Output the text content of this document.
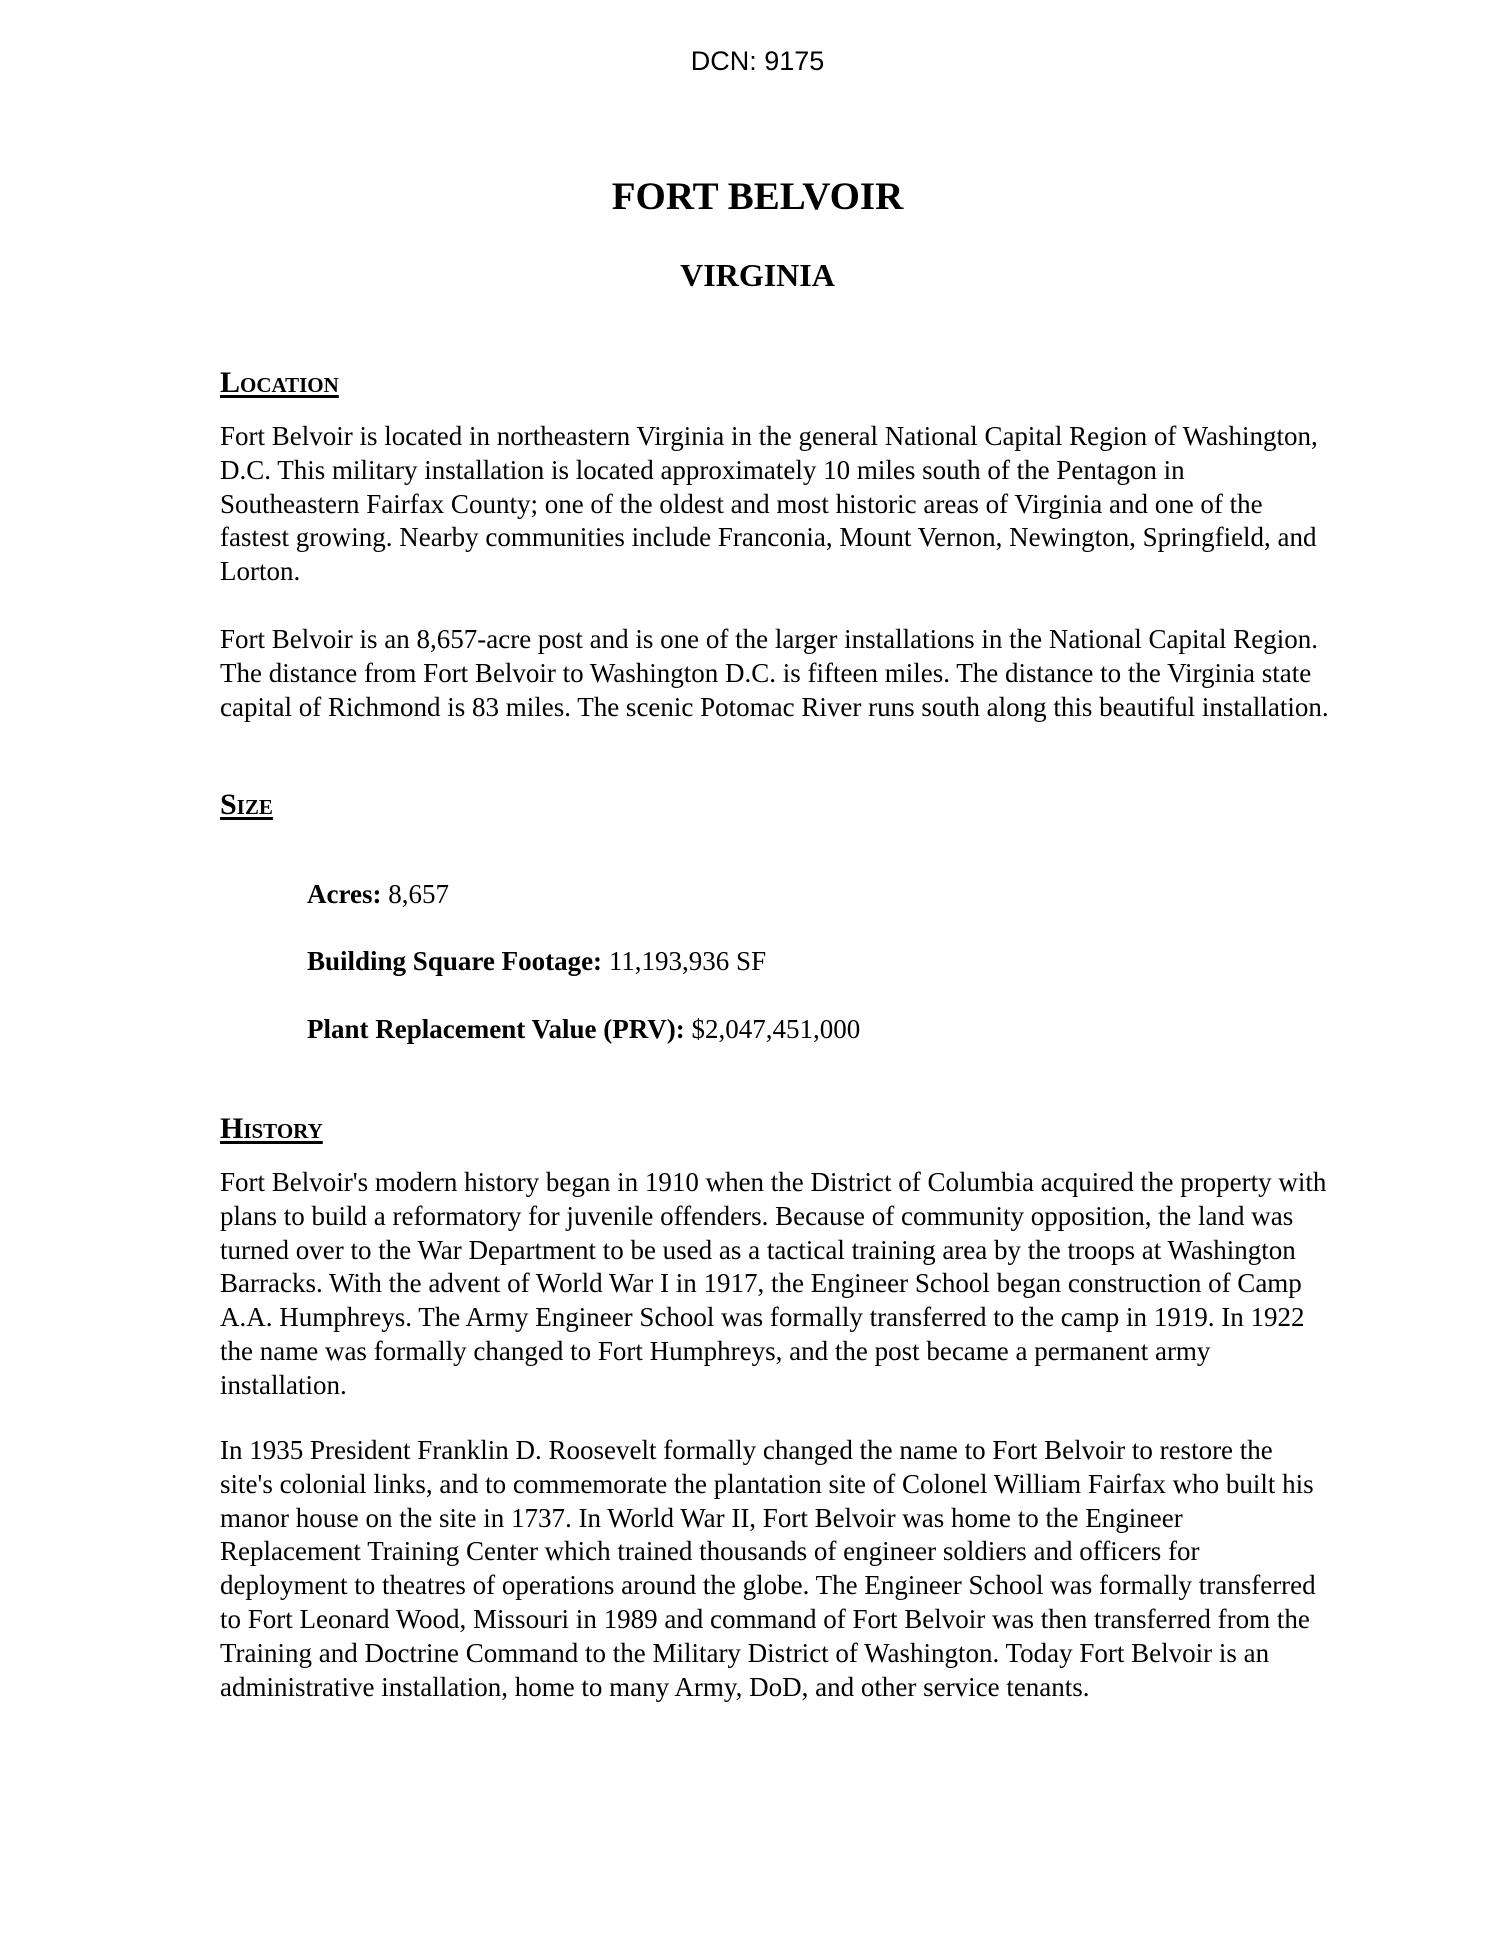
DCN: 9175

FORT BELVOIR
VIRGINIA
Location

Fort Belvoir is located in northeastern Virginia in the general National Capital Region of Washington, D.C. This military installation is located approximately 10 miles south of the Pentagon in Southeastern Fairfax County; one of the oldest and most historic areas of Virginia and one of the fastest growing. Nearby communities include Franconia, Mount Vernon, Newington, Springfield, and Lorton.

Fort Belvoir is an 8,657-acre post and is one of the larger installations in the National Capital Region. The distance from Fort Belvoir to Washington D.C. is fifteen miles. The distance to the Virginia state capital of Richmond is 83 miles. The scenic Potomac River runs south along this beautiful installation.

Size

Acres: 8,657

Building Square Footage: 11,193,936 SF

Plant Replacement Value (PRV): $2,047,451,000

History

Fort Belvoir's modern history began in 1910 when the District of Columbia acquired the property with plans to build a reformatory for juvenile offenders. Because of community opposition, the land was turned over to the War Department to be used as a tactical training area by the troops at Washington Barracks. With the advent of World War I in 1917, the Engineer School began construction of Camp A.A. Humphreys. The Army Engineer School was formally transferred to the camp in 1919. In 1922 the name was formally changed to Fort Humphreys, and the post became a permanent army installation.

In 1935 President Franklin D. Roosevelt formally changed the name to Fort Belvoir to restore the site's colonial links, and to commemorate the plantation site of Colonel William Fairfax who built his manor house on the site in 1737. In World War II, Fort Belvoir was home to the Engineer Replacement Training Center which trained thousands of engineer soldiers and officers for deployment to theatres of operations around the globe. The Engineer School was formally transferred to Fort Leonard Wood, Missouri in 1989 and command of Fort Belvoir was then transferred from the Training and Doctrine Command to the Military District of Washington. Today Fort Belvoir is an administrative installation, home to many Army, DoD, and other service tenants.
